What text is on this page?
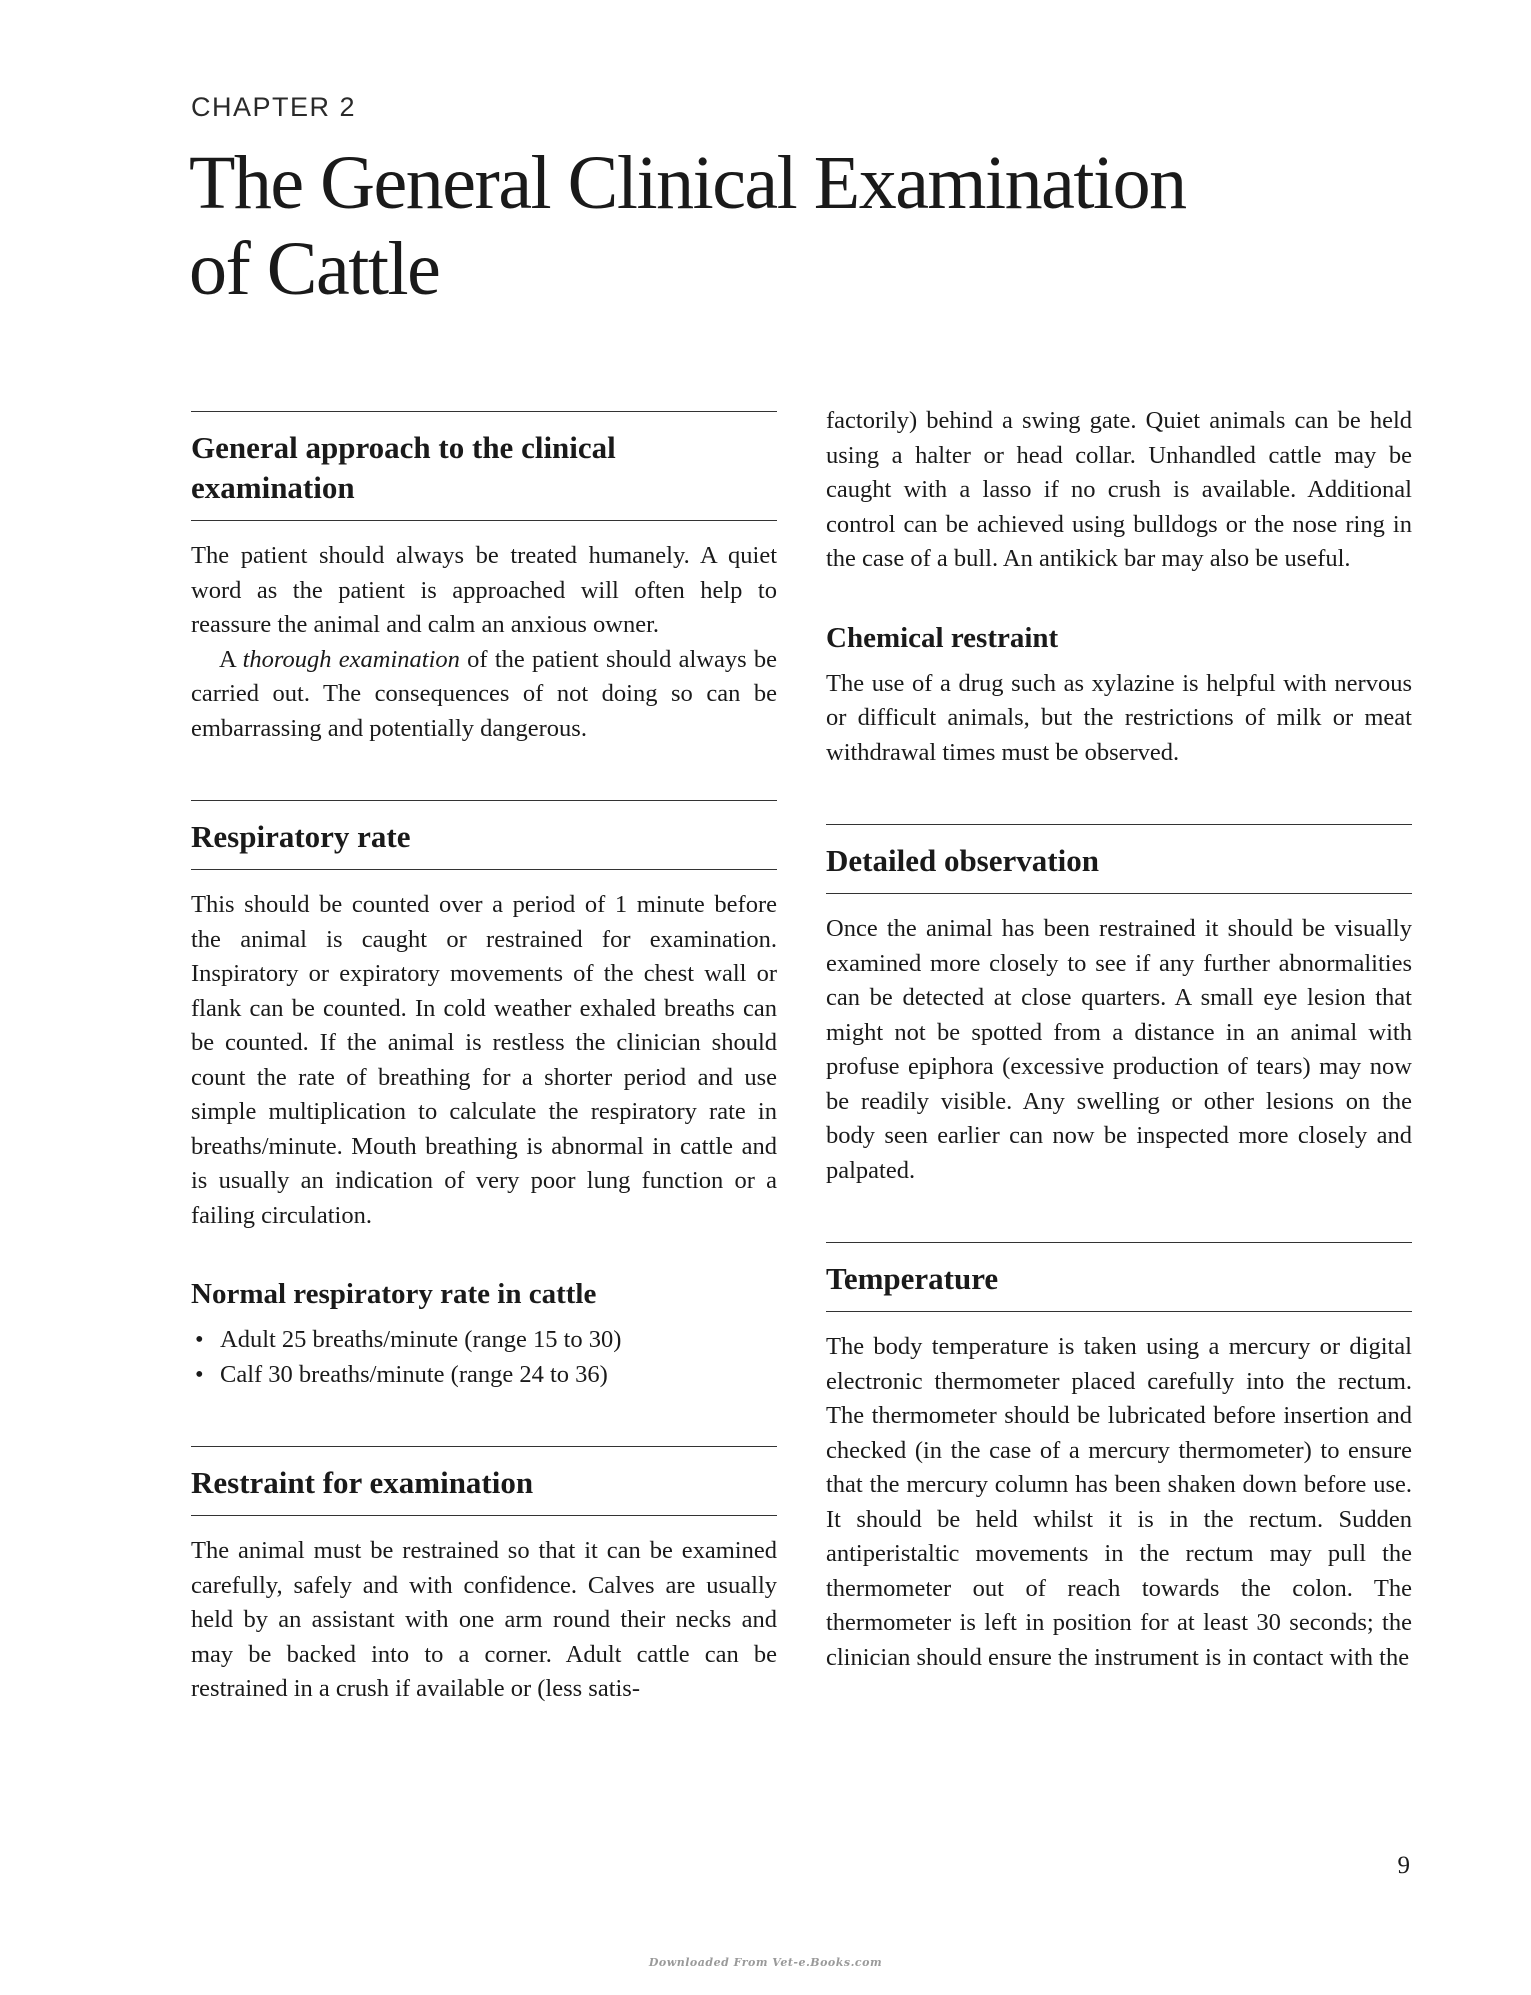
CHAPTER 2
The General Clinical Examination
of Cattle
General approach to the clinical examination

The patient should always be treated humanely. A quiet word as the patient is approached will often help to reassure the animal and calm an anxious owner.

A thorough examination of the patient should always be carried out. The consequences of not doing so can be embarrassing and potentially dangerous.

Respiratory rate

This should be counted over a period of 1 minute before the animal is caught or restrained for examination. Inspiratory or expiratory movements of the chest wall or flank can be counted. In cold weather exhaled breaths can be counted. If the animal is restless the clinician should count the rate of breathing for a shorter period and use simple multiplication to calculate the respiratory rate in breaths/minute. Mouth breathing is abnormal in cattle and is usually an indication of very poor lung function or a failing circulation.

Normal respiratory rate in cattle
• Adult 25 breaths/minute (range 15 to 30)
• Calf 30 breaths/minute (range 24 to 36)
Restraint for examination

The animal must be restrained so that it can be examined carefully, safely and with confidence. Calves are usually held by an assistant with one arm round their necks and may be backed into to a corner. Adult cattle can be restrained in a crush if available or (less satis-

factorily) behind a swing gate. Quiet animals can be held using a halter or head collar. Unhandled cattle may be caught with a lasso if no crush is available. Additional control can be achieved using bulldogs or the nose ring in the case of a bull. An antikick bar may also be useful.

Chemical restraint

The use of a drug such as xylazine is helpful with nervous or difficult animals, but the restrictions of milk or meat withdrawal times must be observed.

Detailed observation

Once the animal has been restrained it should be visually examined more closely to see if any further abnormalities can be detected at close quarters. A small eye lesion that might not be spotted from a distance in an animal with profuse epiphora (excessive production of tears) may now be readily visible. Any swelling or other lesions on the body seen earlier can now be inspected more closely and palpated.

Temperature

The body temperature is taken using a mercury or digital electronic thermometer placed carefully into the rectum. The thermometer should be lubricated before insertion and checked (in the case of a mercury thermometer) to ensure that the mercury column has been shaken down before use. It should be held whilst it is in the rectum. Sudden antiperistaltic movements in the rectum may pull the thermometer out of reach towards the colon. The thermometer is left in position for at least 30 seconds; the clinician should ensure the instrument is in contact with the

9
Downloaded From Vet-e.Books.com
